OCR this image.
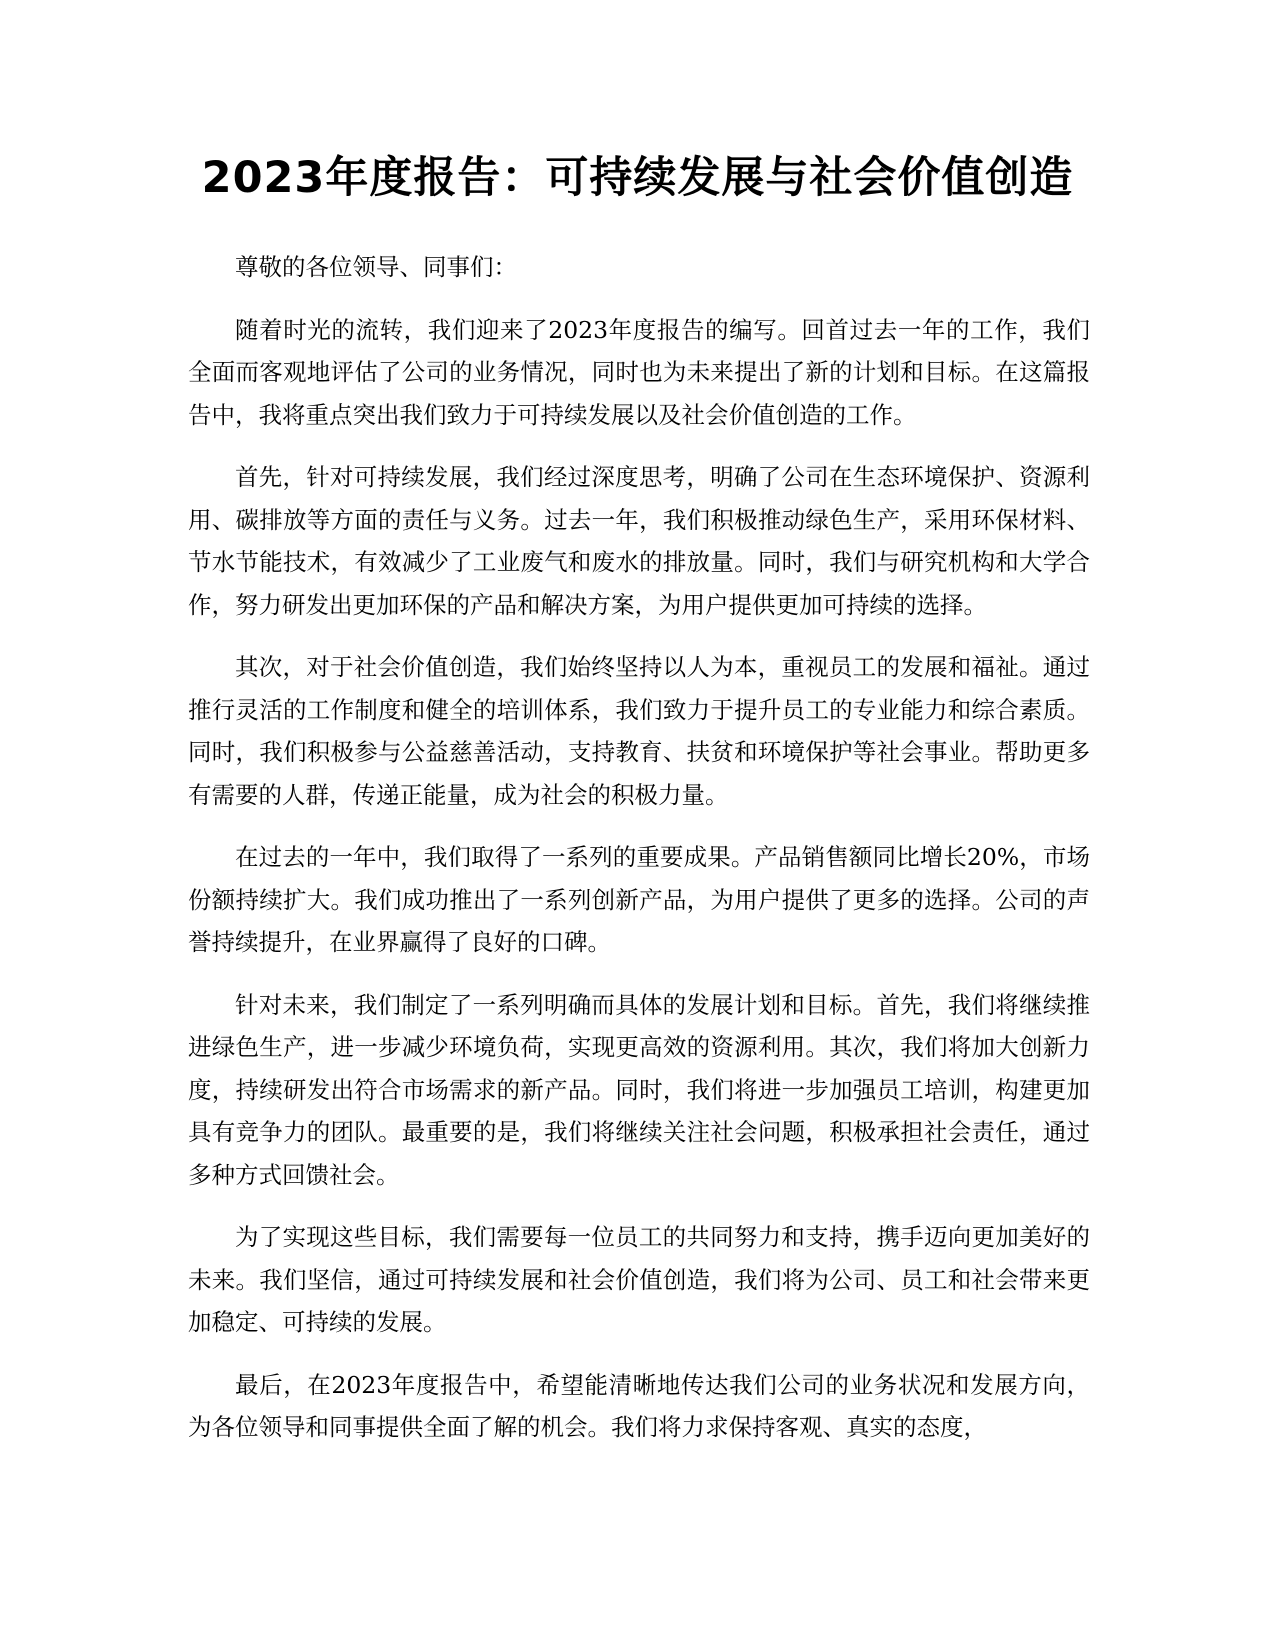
2023年度报告：可持续发展与社会价值创造

尊敬的各位领导、同事们：

随着时光的流转，我们迎来了2023年度报告的编写。回首过去一年的工作，我们全面而客观地评估了公司的业务情况，同时也为未来提出了新的计划和目标。在这篇报告中，我将重点突出我们致力于可持续发展以及社会价值创造的工作。

首先，针对可持续发展，我们经过深度思考，明确了公司在生态环境保护、资源利用、碳排放等方面的责任与义务。过去一年，我们积极推动绿色生产，采用环保材料、节水节能技术，有效减少了工业废气和废水的排放量。同时，我们与研究机构和大学合作，努力研发出更加环保的产品和解决方案，为用户提供更加可持续的选择。

其次，对于社会价值创造，我们始终坚持以人为本，重视员工的发展和福祉。通过推行灵活的工作制度和健全的培训体系，我们致力于提升员工的专业能力和综合素质。同时，我们积极参与公益慈善活动，支持教育、扶贫和环境保护等社会事业。帮助更多有需要的人群，传递正能量，成为社会的积极力量。

在过去的一年中，我们取得了一系列的重要成果。产品销售额同比增长20%，市场份额持续扩大。我们成功推出了一系列创新产品，为用户提供了更多的选择。公司的声誉持续提升，在业界赢得了良好的口碑。

针对未来，我们制定了一系列明确而具体的发展计划和目标。首先，我们将继续推进绿色生产，进一步减少环境负荷，实现更高效的资源利用。其次，我们将加大创新力度，持续研发出符合市场需求的新产品。同时，我们将进一步加强员工培训，构建更加具有竞争力的团队。最重要的是，我们将继续关注社会问题，积极承担社会责任，通过多种方式回馈社会。

为了实现这些目标，我们需要每一位员工的共同努力和支持，携手迈向更加美好的未来。我们坚信，通过可持续发展和社会价值创造，我们将为公司、员工和社会带来更加稳定、可持续的发展。

最后，在2023年度报告中，希望能清晰地传达我们公司的业务状况和发展方向，为各位领导和同事提供全面了解的机会。我们将力求保持客观、真实的态度，
